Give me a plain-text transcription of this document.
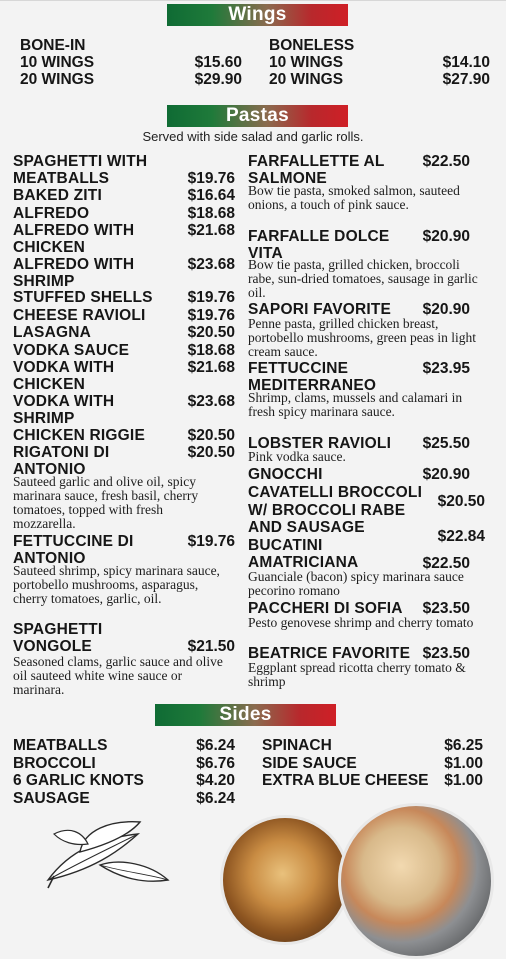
Wings
BONE-IN
10 WINGS	$15.60
20 WINGS	$29.90
BONELESS
10 WINGS	$14.10
20 WINGS	$27.90
Pastas
Served with side salad and garlic rolls.
SPAGHETTI WITH MEATBALLS	$19.76
BAKED ZITI	$16.64
ALFREDO	$18.68
ALFREDO WITH CHICKEN
$21.68
ALFREDO WITH SHRIMP
$23.68
STUFFED SHELLS	$19.76
CHEESE RAVIOLI	$19.76
LASAGNA	$20.50
VODKA SAUCE	$18.68
VODKA WITH CHICKEN
$21.68
VODKA WITH SHRIMP
$23.68
CHICKEN RIGGIE	$20.50
RIGATONI DI ANTONIO
$20.50
Sauteed garlic and olive oil, spicy marinara sauce, fresh basil, cherry tomatoes, topped with fresh mozzarella.
FETTUCCINE DI ANTONIO
$19.76
Sauteed shrimp, spicy marinara sauce, portobello mushrooms, asparagus, cherry tomatoes, garlic, oil.
SPAGHETTI VONGOLE	$21.50
Seasoned clams, garlic sauce and olive oil sauteed white wine sauce or marinara.
FARFALLETTE AL SALMONE
$22.50
Bow tie pasta, smoked salmon, sauteed onions, a touch of pink sauce.
FARFALLE DOLCE VITA
$20.90
Bow tie pasta, grilled chicken, broccoli rabe, sun-dried tomatoes, sausage in garlic oil.
SAPORI FAVORITE	$20.90
Penne pasta, grilled chicken breast, portobello mushrooms, green peas in light cream sauce.
FETTUCCINE MEDITERRANEO
$23.95
Shrimp, clams, mussels and calamari in fresh spicy marinara sauce.
LOBSTER RAVIOLI	$25.50
Pink vodka sauce.
GNOCCHI	$20.90
CAVATELLI BROCCOLI W/ BROCCOLI RABE AND SAUSAGE
$20.50
$22.84
BUCATINI AMATRICIANA	$22.50
Guanciale (bacon) spicy marinara sauce pecorino romano
PACCHERI DI SOFIA	$23.50
Pesto genovese shrimp and cherry tomato
BEATRICE FAVORITE $23.50
Eggplant spread ricotta cherry tomato & shrimp
Sides
MEATBALLS	$6.24
BROCCOLI	$6.76
6 GARLIC KNOTS	$4.20
SAUSAGE	$6.24
SPINACH	$6.25
SIDE SAUCE	$1.00
EXTRA BLUE CHEESE	$1.00
